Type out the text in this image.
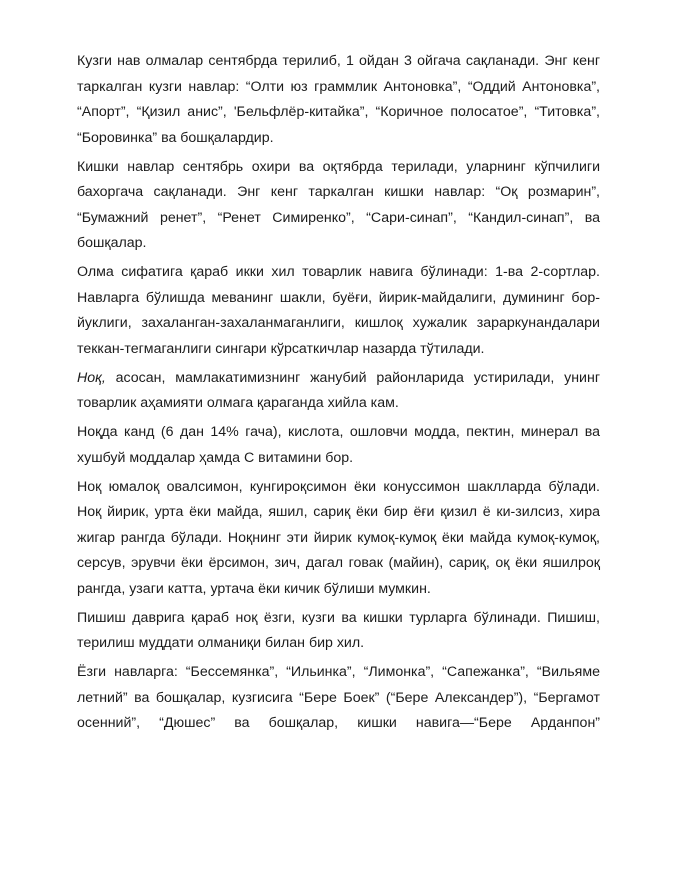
Кузги нав олмалар сентябрда терилиб, 1 ойдан 3 ойгача сақланади. Энг кенг таркалган кузги навлар: “Олти юз граммлик Антоновка”, “Оддий Антоновка”, “Апорт”, “Қизил анис”, 'Бельфлёр-китайка”, “Коричное полосатое”, “Титовка”, “Боровинка” ва бошқалардир.

Кишки навлар сентябрь охири ва оқтябрда терилади, уларнинг кўпчилиги бахоргача сақланади. Энг кенг таркалган кишки навлар: “Оқ розмарин”, “Бумажний ренет”, “Ренет Симиренко”, “Сари-синап”, “Кандил-синап”, ва бошқалар.

Олма сифатига қараб икки хил товарлик навига бўлинади: 1-ва 2-сортлар. Навларга бўлишда меванинг шакли, буёғи, йирик-майдалиги, думининг бор-йуклиги, захаланган-захаланмаганлиги, кишлоқ хужалик зараркунандалари теккан-тегмаганлиги сингари кўрсаткичлар назарда тўтилади.

Ноқ, асосан, мамлакатимизнинг жанубий районларида устирилади, унинг товарлик аҳамияти олмага қараганда хийла кам.

Ноқда канд (6 дан 14% гача), кислота, ошловчи модда, пектин, минерал ва хушбуй моддалар ҳамда С витамини бор.

Ноқ юмалоқ овалсимон, кунгироқсимон ёки конуссимон шаклларда бўлади. Ноқ йирик, урта ёки майда, яшил, сариқ ёки бир ёғи қизил ё ки-зилсиз, хира жигар рангда бўлади. Ноқнинг эти йирик кумоқ-кумоқ ёки майда кумоқ-кумоқ, серсув, эрувчи ёки ёрсимон, зич, дагал говак (майин), сариқ, оқ ёки яшилроқ рангда, узаги катта, уртача ёки кичик бўлиши мумкин.

Пишиш даврига қараб ноқ ёзги, кузги ва кишки турларга бўлинади. Пишиш, терилиш муддати олманиқи билан бир хил.

Ёзги навларга: “Бессемянка”, “Ильинка”, “Лимонка”, “Сапежанка”, “Вильяме летний” ва бошқалар, кузгисига “Бере Боек” (“Бере Александер”), “Бергамот осенний”, “Дюшес” ва бошқалар, кишки навига—“Бере Арданпон”
